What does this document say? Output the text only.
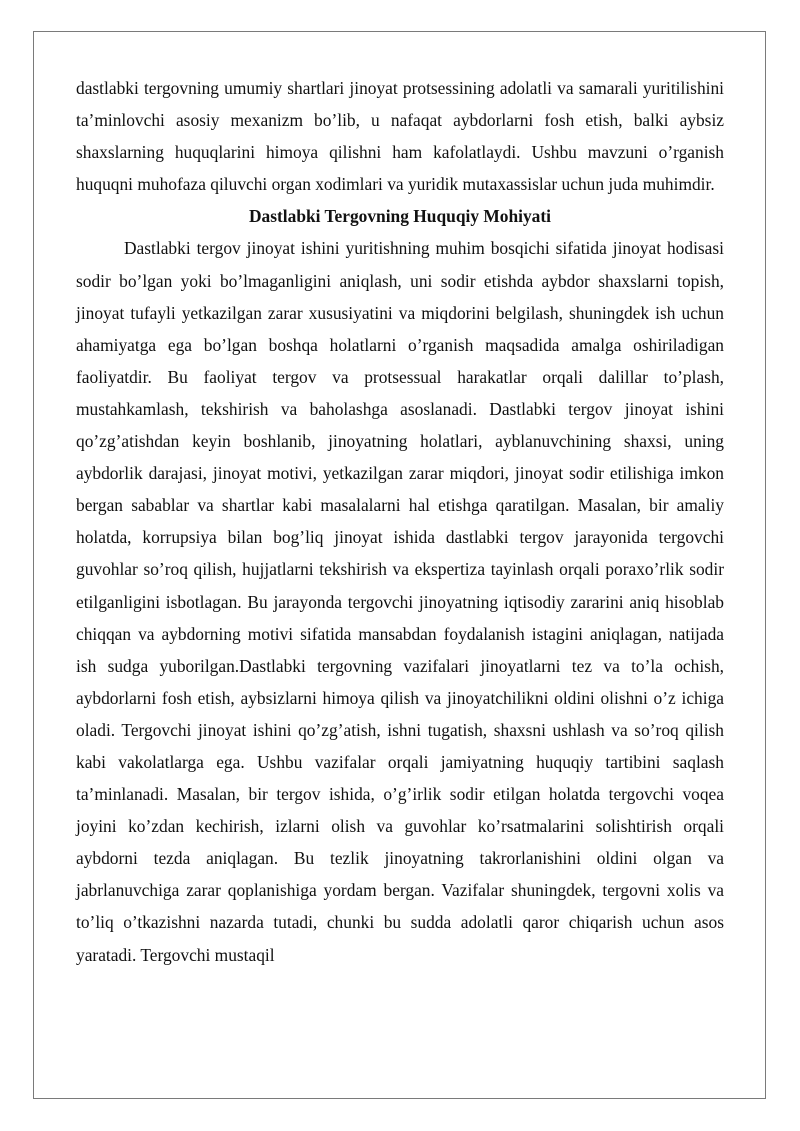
dastlabki tergovning umumiy shartlari jinoyat protsessining adolatli va samarali yuritilishini ta’minlovchi asosiy mexanizm bo’lib, u nafaqat aybdorlarni fosh etish, balki aybsiz shaxslarning huquqlarini himoya qilishni ham kafolatlaydi. Ushbu mavzuni o’rganish huquqni muhofaza qiluvchi organ xodimlari va yuridik mutaxassislar uchun juda muhimdir.

Dastlabki Tergovning Huquqiy Mohiyati

Dastlabki tergov jinoyat ishini yuritishning muhim bosqichi sifatida jinoyat hodisasi sodir bo’lgan yoki bo’lmaganligini aniqlash, uni sodir etishda aybdor shaxslarni topish, jinoyat tufayli yetkazilgan zarar xususiyatini va miqdorini belgilash, shuningdek ish uchun ahamiyatga ega bo’lgan boshqa holatlarni o’rganish maqsadida amalga oshiriladigan faoliyatdir. Bu faoliyat tergov va protsessual harakatlar orqali dalillar to’plash, mustahkamlash, tekshirish va baholashga asoslanadi. Dastlabki tergov jinoyat ishini qo’zg’atishdan keyin boshlanib, jinoyatning holatlari, ayblanuvchining shaxsi, uning aybdorlik darajasi, jinoyat motivi, yetkazilgan zarar miqdori, jinoyat sodir etilishiga imkon bergan sabablar va shartlar kabi masalalarni hal etishga qaratilgan. Masalan, bir amaliy holatda, korrupsiya bilan bog’liq jinoyat ishida dastlabki tergov jarayonida tergovchi guvohlar so’roq qilish, hujjatlarni tekshirish va ekspertiza tayinlash orqali poraxo’rlik sodir etilganligini isbotlagan. Bu jarayonda tergovchi jinoyatning iqtisodiy zararini aniq hisoblab chiqqan va aybdorning motivi sifatida mansabdan foydalanish istagini aniqlagan, natijada ish sudga yuborilgan.Dastlabki tergovning vazifalari jinoyatlarni tez va to’la ochish, aybdorlarni fosh etish, aybsizlarni himoya qilish va jinoyatchilikni oldini olishni o’z ichiga oladi. Tergovchi jinoyat ishini qo’zg’atish, ishni tugatish, shaxsni ushlash va so’roq qilish kabi vakolatlarga ega. Ushbu vazifalar orqali jamiyatning huquqiy tartibini saqlash ta’minlanadi. Masalan, bir tergov ishida, o’g’irlik sodir etilgan holatda tergovchi voqea joyini ko’zdan kechirish, izlarni olish va guvohlar ko’rsatmalarini solishtirish orqali aybdorni tezda aniqlagan. Bu tezlik jinoyatning takrorlanishini oldini olgan va jabrlanuvchiga zarar qoplanishiga yordam bergan. Vazifalar shuningdek, tergovni xolis va to’liq o’tkazishni nazarda tutadi, chunki bu sudda adolatli qaror chiqarish uchun asos yaratadi. Tergovchi mustaqil
